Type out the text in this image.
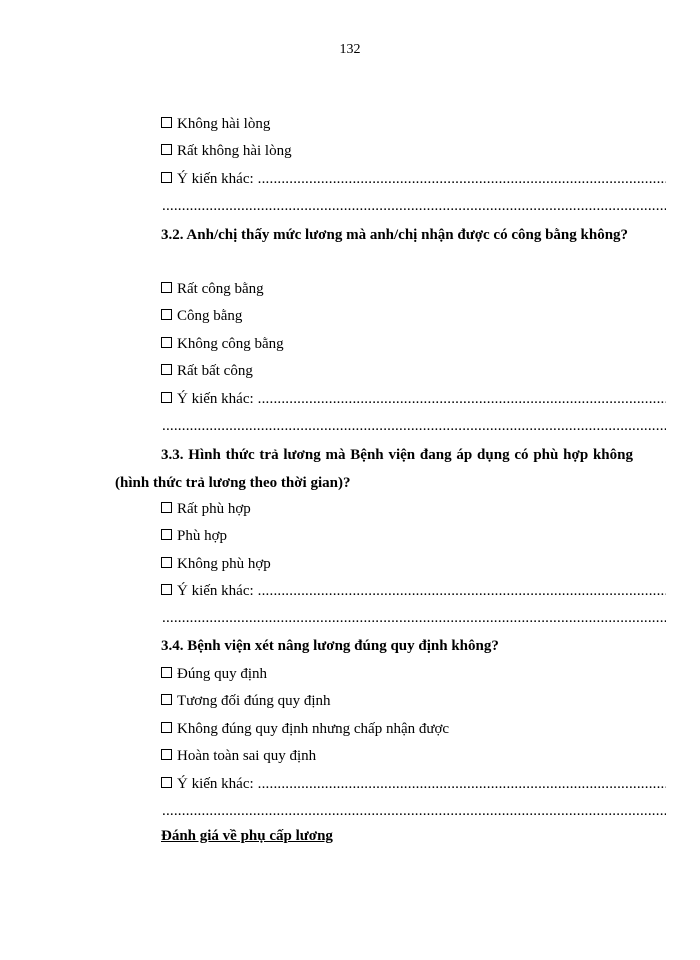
132
Không hài lòng
Rất không hài lòng
Ý kiến khác:
.....
.....
3.2. Anh/chị thấy mức lương mà anh/chị nhận được có công bằng không?
Rất công bằng
Công bằng
Không công bằng
Rất bất công
Ý kiến khác:
.....
.....
3.3. Hình thức trả lương mà Bệnh viện đang áp dụng có phù hợp không (hình thức trả lương theo thời gian)?
Rất phù hợp
Phù hợp
Không phù hợp
Ý kiến khác:
.....
.....
3.4. Bệnh viện xét nâng lương đúng quy định không?
Đúng quy định
Tương đối đúng quy định
Không đúng quy định nhưng chấp nhận được
Hoàn toàn sai quy định
Ý kiến khác:
.....
.....
Đánh giá về phụ cấp lương
